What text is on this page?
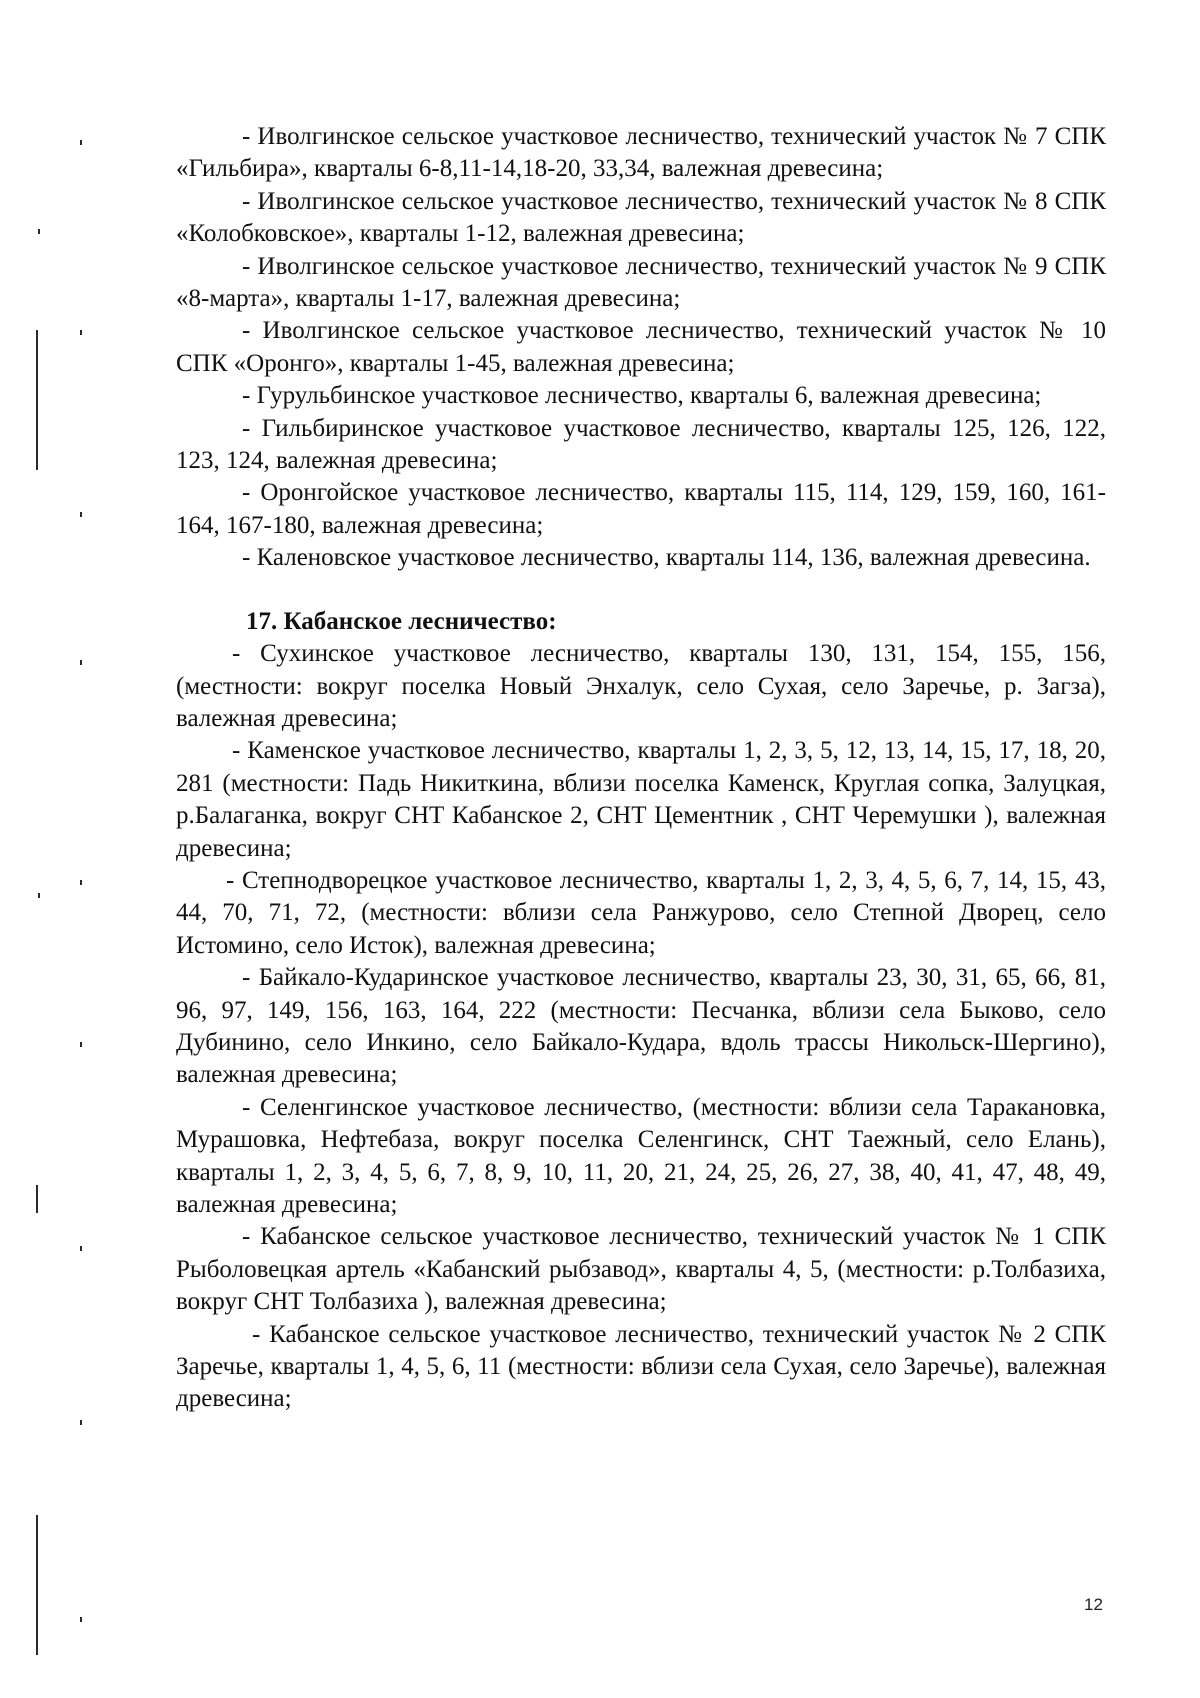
- Иволгинское сельское участковое лесничество, технический участок № 7 СПК «Гильбира», кварталы 6-8,11-14,18-20, 33,34, валежная древесина;

- Иволгинское сельское участковое лесничество, технический участок № 8 СПК «Колобковское», кварталы 1-12, валежная древесина;

- Иволгинское сельское участковое лесничество, технический участок № 9 СПК «8-марта», кварталы 1-17, валежная древесина;

- Иволгинское сельское участковое лесничество, технический участок № 10 СПК «Оронго», кварталы 1-45, валежная древесина;

- Гурульбинское участковое лесничество, кварталы 6, валежная древесина;

- Гильбиринское участковое участковое лесничество, кварталы 125, 126, 122, 123, 124, валежная древесина;

- Оронгойское участковое лесничество, кварталы 115, 114, 129, 159, 160, 161-164, 167-180, валежная древесина;

- Каленовское участковое лесничество, кварталы 114, 136, валежная древесина.

17. Кабанское лесничество:

- Сухинское участковое лесничество, кварталы 130, 131, 154, 155, 156, (местности: вокруг поселка Новый Энхалук, село Сухая, село Заречье, р. Загза), валежная древесина;

- Каменское участковое лесничество, кварталы 1, 2, 3, 5, 12, 13, 14, 15, 17, 18, 20, 281 (местности: Падь Никиткина, вблизи поселка Каменск, Круглая сопка, Залуцкая, р.Балаганка, вокруг СНТ Кабанское 2, СНТ Цементник , СНТ Черемушки ), валежная древесина;

- Степнодворецкое участковое лесничество, кварталы 1, 2, 3, 4, 5, 6, 7, 14, 15, 43, 44, 70, 71, 72, (местности: вблизи села Ранжурово, село Степной Дворец, село Истомино, село Исток), валежная древесина;

- Байкало-Кударинское участковое лесничество, кварталы 23, 30, 31, 65, 66, 81, 96, 97, 149, 156, 163, 164, 222 (местности: Песчанка, вблизи села Быково, село Дубинино, село Инкино, село Байкало-Кудара, вдоль трассы Никольск-Шергино), валежная древесина;

- Селенгинское участковое лесничество, (местности: вблизи села Таракановка, Мурашовка, Нефтебаза, вокруг поселка Селенгинск, СНТ Таежный, село Елань), кварталы 1, 2, 3, 4, 5, 6, 7, 8, 9, 10, 11, 20, 21, 24, 25, 26, 27, 38, 40, 41, 47, 48, 49, валежная древесина;

- Кабанское сельское участковое лесничество, технический участок № 1 СПК Рыболовецкая артель «Кабанский рыбзавод», кварталы 4, 5, (местности: р.Толбазиха, вокруг СНТ Толбазиха ), валежная древесина;

- Кабанское сельское участковое лесничество, технический участок № 2 СПК Заречье, кварталы 1, 4, 5, 6, 11 (местности: вблизи села Сухая, село Заречье), валежная древесина;

12
